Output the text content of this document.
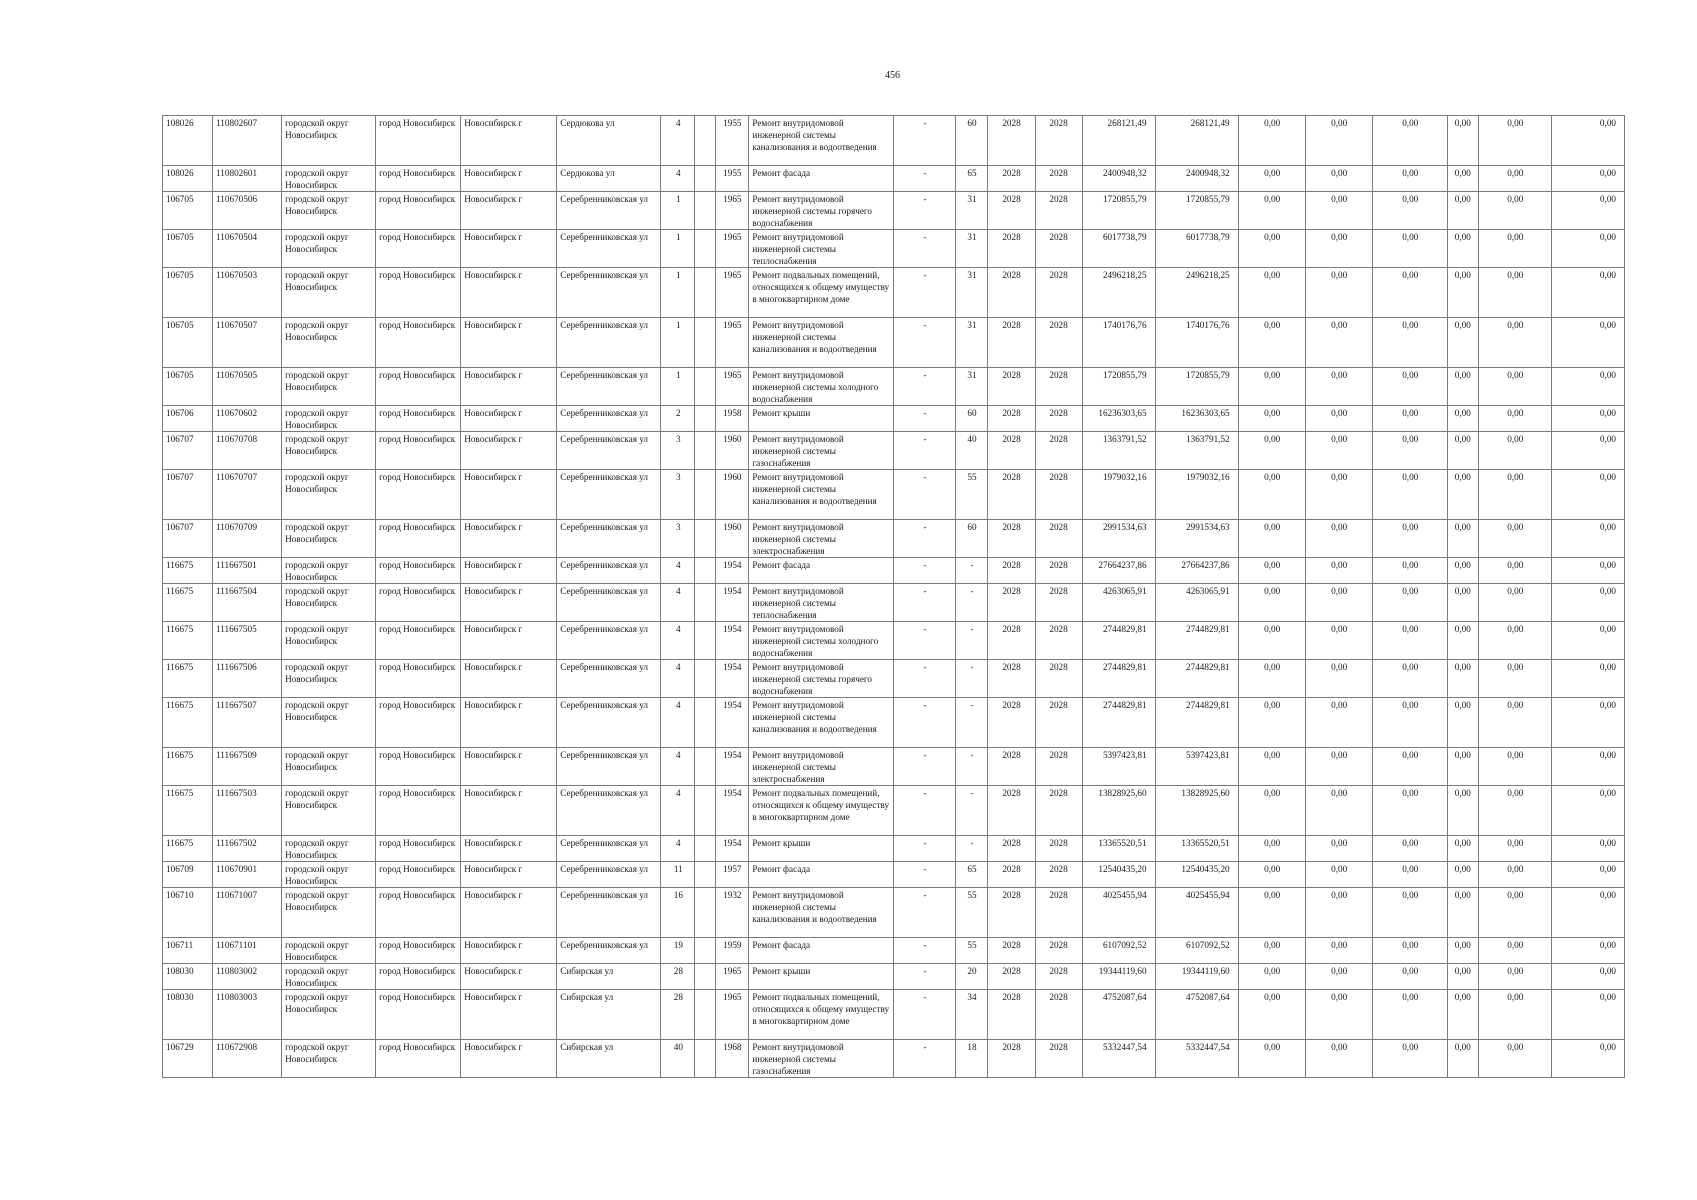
456
108026	110802607	городской округ Новосибирск	город Новосибирск	Новосибирск г	Сердюкова ул	4		1955	Ремонт внутридомовой инженерной системы канализования и водоотведения	-	60	2028	2028	268121,49	268121,49	0,00	0,00	0,00	0,00	0,00	0,00
108026	110802601	городской округ Новосибирск	город Новосибирск	Новосибирск г	Сердюкова ул	4		1955	Ремонт фасада	-	65	2028	2028	2400948,32	2400948,32	0,00	0,00	0,00	0,00	0,00	0,00
106705	110670506	городской округ Новосибирск	город Новосибирск	Новосибирск г	Серебренниковская ул	1		1965	Ремонт внутридомовой инженерной системы горячего водоснабжения	-	31	2028	2028	1720855,79	1720855,79	0,00	0,00	0,00	0,00	0,00	0,00
106705	110670504	городской округ Новосибирск	город Новосибирск	Новосибирск г	Серебренниковская ул	1		1965	Ремонт внутридомовой инженерной системы теплоснабжения	-	31	2028	2028	6017738,79	6017738,79	0,00	0,00	0,00	0,00	0,00	0,00
106705	110670503	городской округ Новосибирск	город Новосибирск	Новосибирск г	Серебренниковская ул	1		1965	Ремонт подвальных помещений, относящихся к общему имуществу в многоквартирном доме	-	31	2028	2028	2496218,25	2496218,25	0,00	0,00	0,00	0,00	0,00	0,00
106705	110670507	городской округ Новосибирск	город Новосибирск	Новосибирск г	Серебренниковская ул	1		1965	Ремонт внутридомовой инженерной системы канализования и водоотведения	-	31	2028	2028	1740176,76	1740176,76	0,00	0,00	0,00	0,00	0,00	0,00
106705	110670505	городской округ Новосибирск	город Новосибирск	Новосибирск г	Серебренниковская ул	1		1965	Ремонт внутридомовой инженерной системы холодного водоснабжения	-	31	2028	2028	1720855,79	1720855,79	0,00	0,00	0,00	0,00	0,00	0,00
106706	110670602	городской округ Новосибирск	город Новосибирск	Новосибирск г	Серебренниковская ул	2		1958	Ремонт крыши	-	60	2028	2028	16236303,65	16236303,65	0,00	0,00	0,00	0,00	0,00	0,00
106707	110670708	городской округ Новосибирск	город Новосибирск	Новосибирск г	Серебренниковская ул	3		1960	Ремонт внутридомовой инженерной системы газоснабжения	-	40	2028	2028	1363791,52	1363791,52	0,00	0,00	0,00	0,00	0,00	0,00
106707	110670707	городской округ Новосибирск	город Новосибирск	Новосибирск г	Серебренниковская ул	3		1960	Ремонт внутридомовой инженерной системы канализования и водоотведения	-	55	2028	2028	1979032,16	1979032,16	0,00	0,00	0,00	0,00	0,00	0,00
106707	110670709	городской округ Новосибирск	город Новосибирск	Новосибирск г	Серебренниковская ул	3		1960	Ремонт внутридомовой инженерной системы электроснабжения	-	60	2028	2028	2991534,63	2991534,63	0,00	0,00	0,00	0,00	0,00	0,00
116675	111667501	городской округ Новосибирск	город Новосибирск	Новосибирск г	Серебренниковская ул	4		1954	Ремонт фасада	-	-	2028	2028	27664237,86	27664237,86	0,00	0,00	0,00	0,00	0,00	0,00
116675	111667504	городской округ Новосибирск	город Новосибирск	Новосибирск г	Серебренниковская ул	4		1954	Ремонт внутридомовой инженерной системы теплоснабжения	-	-	2028	2028	4263065,91	4263065,91	0,00	0,00	0,00	0,00	0,00	0,00
116675	111667505	городской округ Новосибирск	город Новосибирск	Новосибирск г	Серебренниковская ул	4		1954	Ремонт внутридомовой инженерной системы холодного водоснабжения	-	-	2028	2028	2744829,81	2744829,81	0,00	0,00	0,00	0,00	0,00	0,00
116675	111667506	городской округ Новосибирск	город Новосибирск	Новосибирск г	Серебренниковская ул	4		1954	Ремонт внутридомовой инженерной системы горячего водоснабжения	-	-	2028	2028	2744829,81	2744829,81	0,00	0,00	0,00	0,00	0,00	0,00
116675	111667507	городской округ Новосибирск	город Новосибирск	Новосибирск г	Серебренниковская ул	4		1954	Ремонт внутридомовой инженерной системы канализования и водоотведения	-	-	2028	2028	2744829,81	2744829,81	0,00	0,00	0,00	0,00	0,00	0,00
116675	111667509	городской округ Новосибирск	город Новосибирск	Новосибирск г	Серебренниковская ул	4		1954	Ремонт внутридомовой инженерной системы электроснабжения	-	-	2028	2028	5397423,81	5397423,81	0,00	0,00	0,00	0,00	0,00	0,00
116675	111667503	городской округ Новосибирск	город Новосибирск	Новосибирск г	Серебренниковская ул	4		1954	Ремонт подвальных помещений, относящихся к общему имуществу в многоквартирном доме	-	-	2028	2028	13828925,60	13828925,60	0,00	0,00	0,00	0,00	0,00	0,00
116675	111667502	городской округ Новосибирск	город Новосибирск	Новосибирск г	Серебренниковская ул	4		1954	Ремонт крыши	-	-	2028	2028	13365520,51	13365520,51	0,00	0,00	0,00	0,00	0,00	0,00
106709	110670901	городской округ Новосибирск	город Новосибирск	Новосибирск г	Серебренниковская ул	11		1957	Ремонт фасада	-	65	2028	2028	12540435,20	12540435,20	0,00	0,00	0,00	0,00	0,00	0,00
106710	110671007	городской округ Новосибирск	город Новосибирск	Новосибирск г	Серебренниковская ул	16		1932	Ремонт внутридомовой инженерной системы канализования и водоотведения	-	55	2028	2028	4025455,94	4025455,94	0,00	0,00	0,00	0,00	0,00	0,00
106711	110671101	городской округ Новосибирск	город Новосибирск	Новосибирск г	Серебренниковская ул	19		1959	Ремонт фасада	-	55	2028	2028	6107092,52	6107092,52	0,00	0,00	0,00	0,00	0,00	0,00
108030	110803002	городской округ Новосибирск	город Новосибирск	Новосибирск г	Сибирская ул	28		1965	Ремонт крыши	-	20	2028	2028	19344119,60	19344119,60	0,00	0,00	0,00	0,00	0,00	0,00
108030	110803003	городской округ Новосибирск	город Новосибирск	Новосибирск г	Сибирская ул	28		1965	Ремонт подвальных помещений, относящихся к общему имуществу в многоквартирном доме	-	34	2028	2028	4752087,64	4752087,64	0,00	0,00	0,00	0,00	0,00	0,00
106729	110672908	городской округ Новосибирск	город Новосибирск	Новосибирск г	Сибирская ул	40		1968	Ремонт внутридомовой инженерной системы газоснабжения	-	18	2028	2028	5332447,54	5332447,54	0,00	0,00	0,00	0,00	0,00	0,00
